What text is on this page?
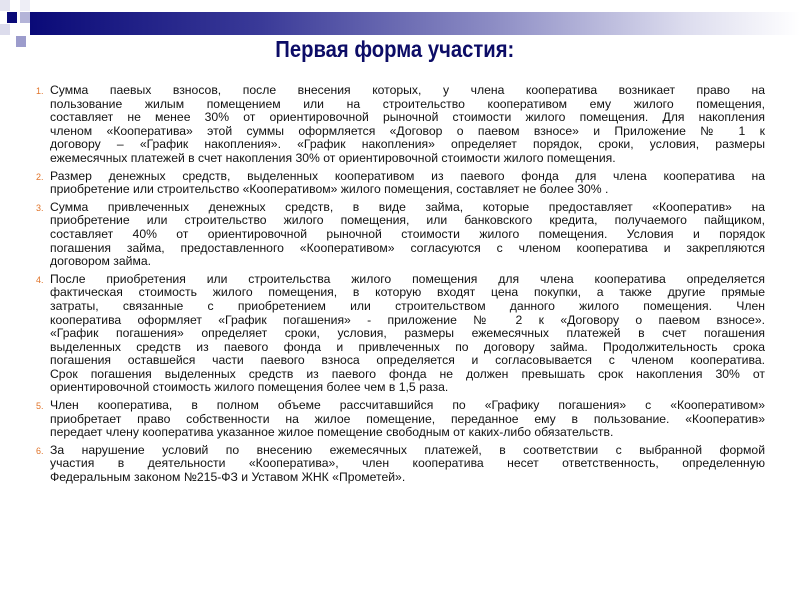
Первая форма участия:
1. Сумма паевых взносов, после внесения которых, у члена кооператива возникает право на
пользование жилым помещением или на строительство кооперативом ему жилого помещения,
составляет не менее 30% от ориентировочной рыночной стоимости жилого помещения. Для накопления
членом «Кооператива» этой суммы оформляется «Договор о паевом взносе» и Приложение № 1 к
договору – «График накопления». «График накопления» определяет порядок, сроки, условия, размеры
ежемесячных платежей в счет накопления 30% от ориентировочной стоимости жилого помещения.
2. Размер денежных средств, выделенных кооперативом из паевого фонда для члена кооператива на
приобретение или строительство «Кооперативом» жилого помещения, составляет не более 30% .
3. Сумма привлеченных денежных средств, в виде займа, которые предоставляет «Кооператив» на
приобретение или строительство жилого помещения, или банковского кредита, получаемого пайщиком,
составляет 40% от ориентировочной рыночной стоимости жилого помещения. Условия и порядок
погашения займа, предоставленного «Кооперативом» согласуются с членом кооператива и закрепляются
договором займа.
4. После приобретения или строительства жилого помещения для члена кооператива определяется
фактическая стоимость жилого помещения, в которую входят цена покупки, а также другие прямые
затраты, связанные с приобретением или строительством данного жилого помещения. Член
кооператива оформляет «График погашения» - приложение № 2 к «Договору о паевом взносе».
«График погашения» определяет сроки, условия, размеры ежемесячных платежей в счет погашения
выделенных средств из паевого фонда и привлеченных по договору займа. Продолжительность срока
погашения оставшейся части паевого взноса определяется и согласовывается с членом кооператива.
Срок погашения выделенных средств из паевого фонда не должен превышать срок накопления 30% от
ориентировочной стоимость жилого помещения более чем в 1,5 раза.
5. Член кооператива, в полном объеме рассчитавшийся по «Графику погашения» с «Кооперативом»
приобретает право собственности на жилое помещение, переданное ему в пользование. «Кооператив»
передает члену кооператива указанное жилое помещение свободным от каких-либо обязательств.
6. За нарушение условий по внесению ежемесячных платежей, в соответствии с выбранной формой
участия в деятельности «Кооператива», член кооператива несет ответственность, определенную
Федеральным законом №215-ФЗ и Уставом ЖНК «Прометей».
